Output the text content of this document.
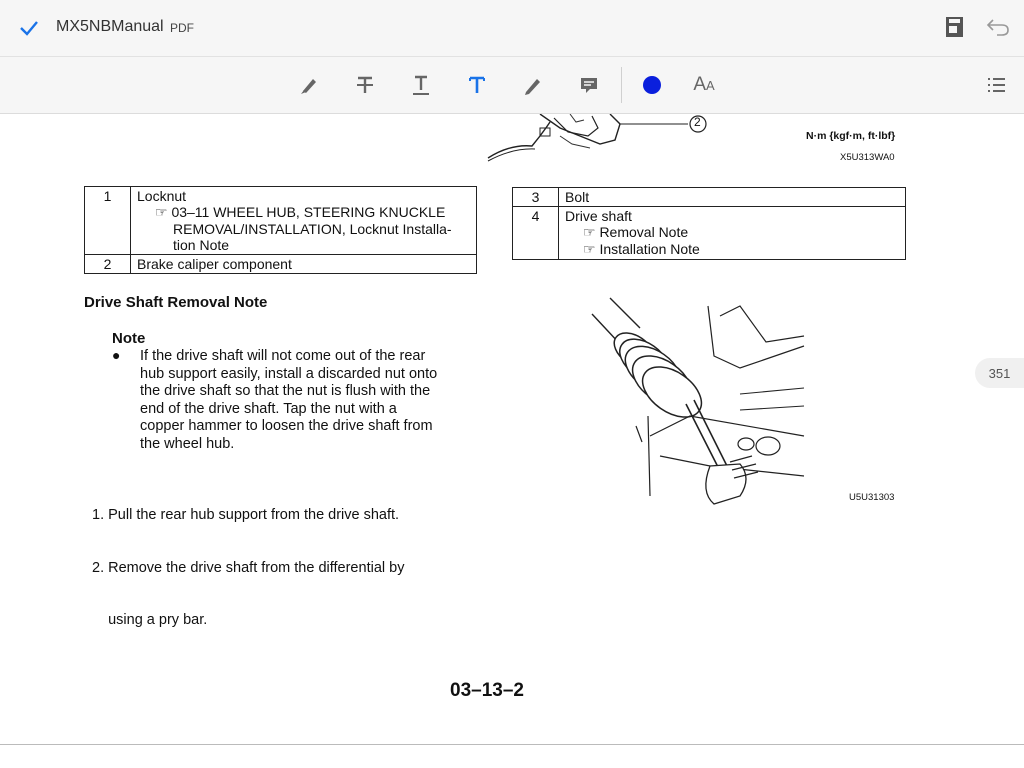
MX5NBManual PDF
AA
2
N·m {kgf·m, ft·lbf}
X5U313WA0
1	Locknut
☞ 03–11 WHEEL HUB, STEERING KNUCKLE
REMOVAL/INSTALLATION, Locknut Installa-
tion Note

2	Brake caliper component
3	Bolt
4	Drive shaft
☞ Removal Note
☞ Installation Note
Drive Shaft Removal Note
Note
● If the drive shaft will not come out of the rear
hub support easily, install a discarded nut onto
the drive shaft so that the nut is flush with the
end of the drive shaft. Tap the nut with a
copper hammer to loosen the drive shaft from
the wheel hub.

1. Pull the rear hub support from the drive shaft.

2. Remove the drive shaft from the differential by

using a pry bar.

U5U31303
03–13–2
351
